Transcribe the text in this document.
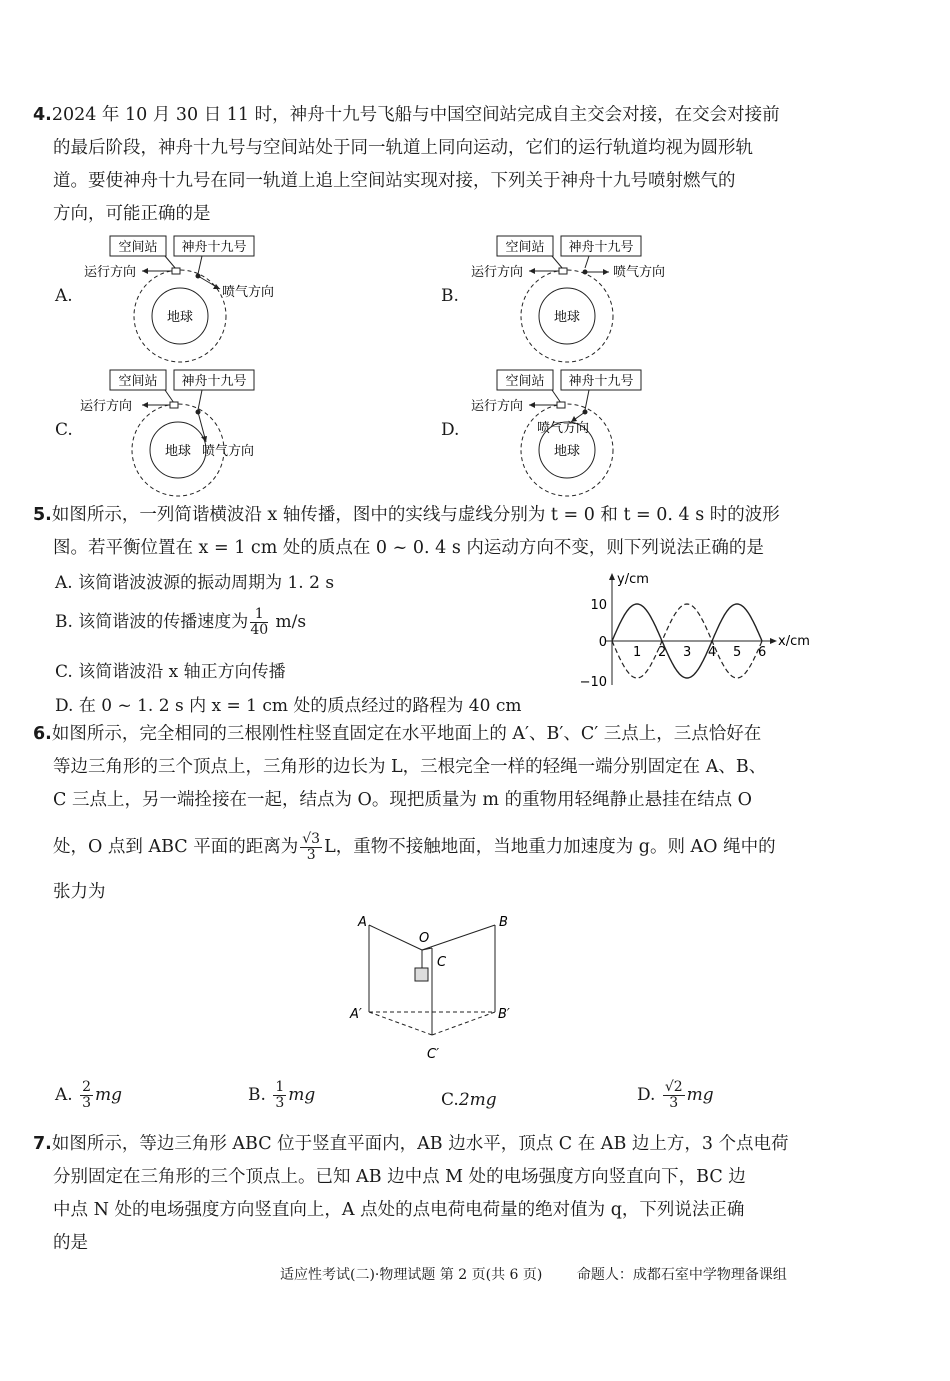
4.2024 年 10 月 30 日 11 时，神舟十九号飞船与中国空间站完成自主交会对接，在交会对接前
的最后阶段，神舟十九号与空间站处于同一轨道上同向运动，它们的运行轨道均视为圆形轨
道。要使神舟十九号在同一轨道上追上空间站实现对接，下列关于神舟十九号喷射燃气的
方向，可能正确的是
A.	B.
C.	D.
空间站 神舟十九号
地球
运行方向
喷气方向
空间站 神舟十九号
地球
运行方向	喷气方向
空间站 神舟十九号
地球
运行方向
喷气方向
空间站 神舟十九号
地球
运行方向
喷气方向
5.如图所示，一列简谐横波沿 x 轴传播，图中的实线与虚线分别为 t = 0 和 t = 0. 4 s 时的波形
图。若平衡位置在 x = 1 cm 处的质点在 0 ~ 0. 4 s 内运动方向不变，则下列说法正确的是
A. 该简谐波波源的振动周期为 1. 2 s
B. 该简谐波的传播速度为 $\frac{1}{40} m/s$
C. 该简谐波沿 x 轴正方向传播
D. 在 0 ~ 1. 2 s 内 x = 1 cm 处的质点经过的路程为 40 cm
y/cm
x/cm
10
0
−10
1 2 3 4 5 6
6.如图所示，完全相同的三根刚性柱竖直固定在水平地面上的 A′、B′、C′ 三点上，三点恰好在
等边三角形的三个顶点上，三角形的边长为 L，三根完全一样的轻绳一端分别固定在 A、B、
C 三点上，另一端拴接在一起，结点为 O。现把质量为 m 的重物用轻绳静止悬挂在结点 O
处，O 点到 ABC 平面的距离为 $\frac{√3}{3}$ L，重物不接触地面，当地重力加速度为 g。则 AO 绳中的
张力为
A	B
O
C
A′	B′
C′
A. $\frac{2}{3}$ mg	B. $\frac{1}{3}$ mg	C.2mg	D. $\frac{√2}{3}$ mg
7.如图所示，等边三角形 ABC 位于竖直平面内，AB 边水平，顶点 C 在 AB 边上方，3 个点电荷
分别固定在三角形的三个顶点上。已知 AB 边中点 M 处的电场强度方向竖直向下，BC 边
中点 N 处的电场强度方向竖直向上，A 点处的点电荷电荷量的绝对值为 q，下列说法正确
的是
适应性考试(二)·物理试题 第 2 页(共 6 页) 命题人：成都石室中学物理备课组
